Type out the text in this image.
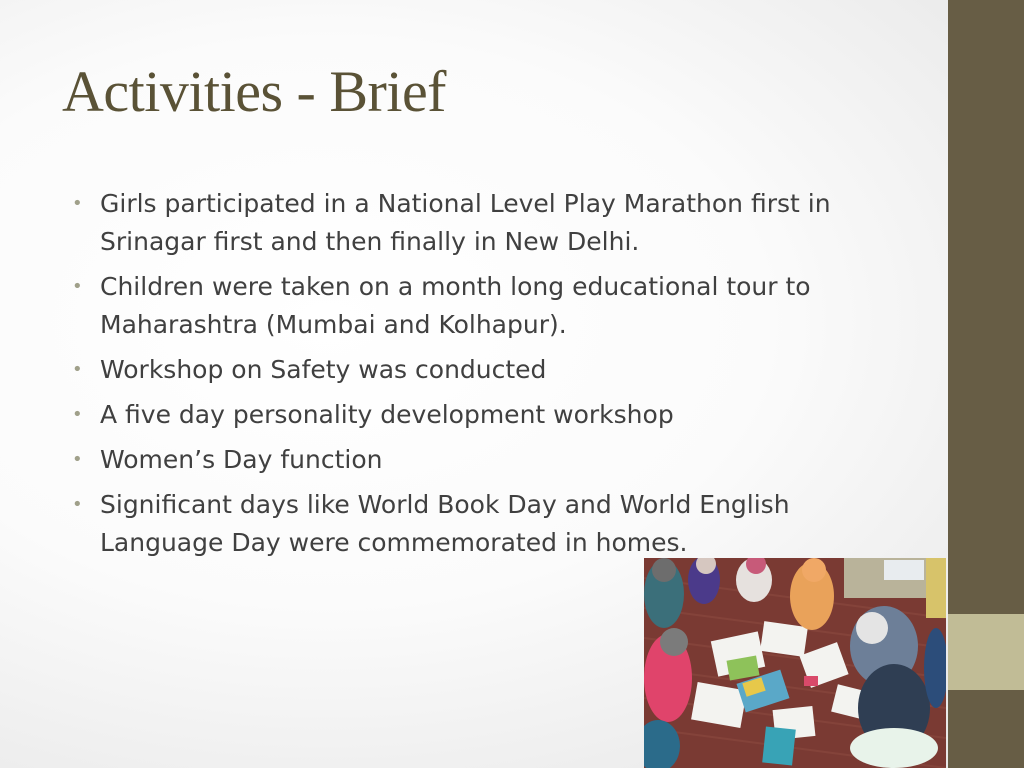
Activities - Brief
• Girls participated in a National Level Play Marathon first in Srinagar first and then finally in New Delhi.
• Children were taken on a month long educational tour to Maharashtra (Mumbai and Kolhapur).
• Workshop on Safety was conducted
• A five day personality development workshop
• Women’s Day function
• Significant days like World Book Day and World English Language Day were commemorated in homes.
